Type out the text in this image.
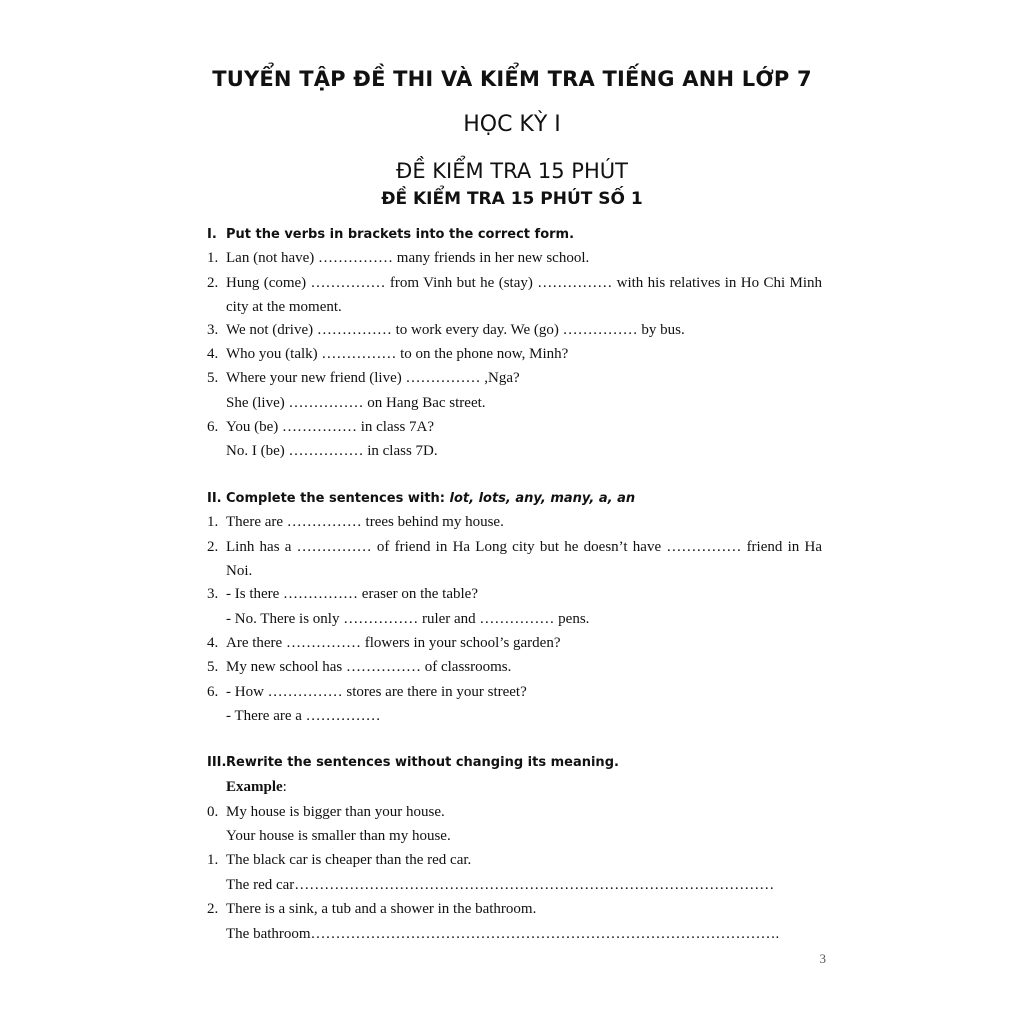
TUYỂN TẬP ĐỀ THI VÀ KIỂM TRA TIẾNG ANH LỚP 7
HỌC KỲ I
ĐỀ KIỂM TRA 15 PHÚT
ĐỀ KIỂM TRA 15 PHÚT SỐ 1
I. Put the verbs in brackets into the correct form.
1. Lan (not have) …………… many friends in her new school.
2. Hung (come) …………… from Vinh but he (stay) …………… with his relatives in Ho Chi Minh city at the moment.
3. We not (drive) …………… to work every day. We (go) …………… by bus.
4. Who you (talk) …………… to on the phone now, Minh?
5. Where your new friend (live) …………… ,Nga?
She (live) …………… on Hang Bac street.
6. You (be) …………… in class 7A?
No. I (be) …………… in class 7D.
II. Complete the sentences with: lot, lots, any, many, a, an
1. There are …………… trees behind my house.
2. Linh has a …………… of friend in Ha Long city but he doesn’t have …………… friend in Ha Noi.
3. - Is there …………… eraser on the table?
- No. There is only …………… ruler and …………… pens.
4. Are there …………… flowers in your school’s garden?
5. My new school has …………… of classrooms.
6. - How …………… stores are there in your street?
- There are a ……………
III.Rewrite the sentences without changing its meaning.
Example:
0. My house is bigger than your house.
Your house is smaller than my house.
1. The black car is cheaper than the red car.
The red car……………………………………………………………………………………
2. There is a sink, a tub and a shower in the bathroom.
The bathroom………………………………………………………………………………….
3
